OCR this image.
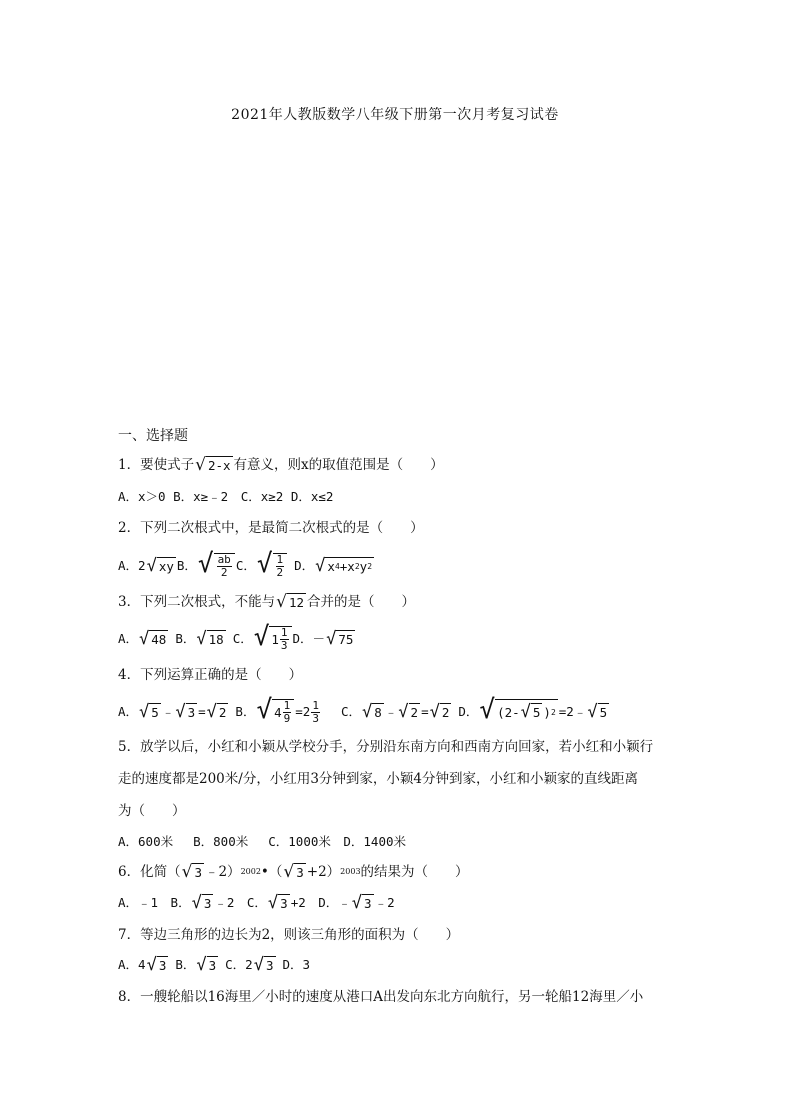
2021年人教版数学八年级下册第一次月考复习试卷
一、选择题
1．要使式子 √ 2-x 有意义，则x的取值范围是（　　）
A．x＞0 B．x≥﹣2　C．x≥2 D．x≤2
2．下列二次根式中，是最简二次根式的是（　　）
A．2 √ xy B． √ $\frac{ab}{2}$ C． √ $\frac{1}{2}$ D． √ x 4 +x 2 y 2
3．下列二次根式，不能与 √ 12 合并的是（　　）
A． √ 48 B． √ 18 C． √ $1 \frac{1}{3}$ D．－ √ 75
4．下列运算正确的是（　　）
A． √ 5 ﹣ √ 3 = √ 2 B． √ $4 \frac{1}{9} =2 \frac{1}{3}$ C． √ 8 ﹣ √ 2 = √ 2 D． √ (2- √ 5 ) 2 =2﹣ √ 5
5．放学以后，小红和小颖从学校分手，分别沿东南方向和西南方向回家，若小红和小颖行
走的速度都是200米/分，小红用3分钟到家，小颖4分钟到家，小红和小颖家的直线距离
为（　　）
A．600米　 B．800米　 C．1000米　D．1400米
6．化简（ √ 3 ﹣2） 2002 •（ √ 3 +2） 2003 的结果为（　　）
A．﹣1　B． √ 3 ﹣2　C． √ 3 +2　D．﹣ √ 3 ﹣2
7．等边三角形的边长为2，则该三角形的面积为（　　）
A．4 √ 3 B． √ 3 C．2 √ 3 D．3
8．一艘轮船以16海里／小时的速度从港口A出发向东北方向航行，另一轮船12海里／小
